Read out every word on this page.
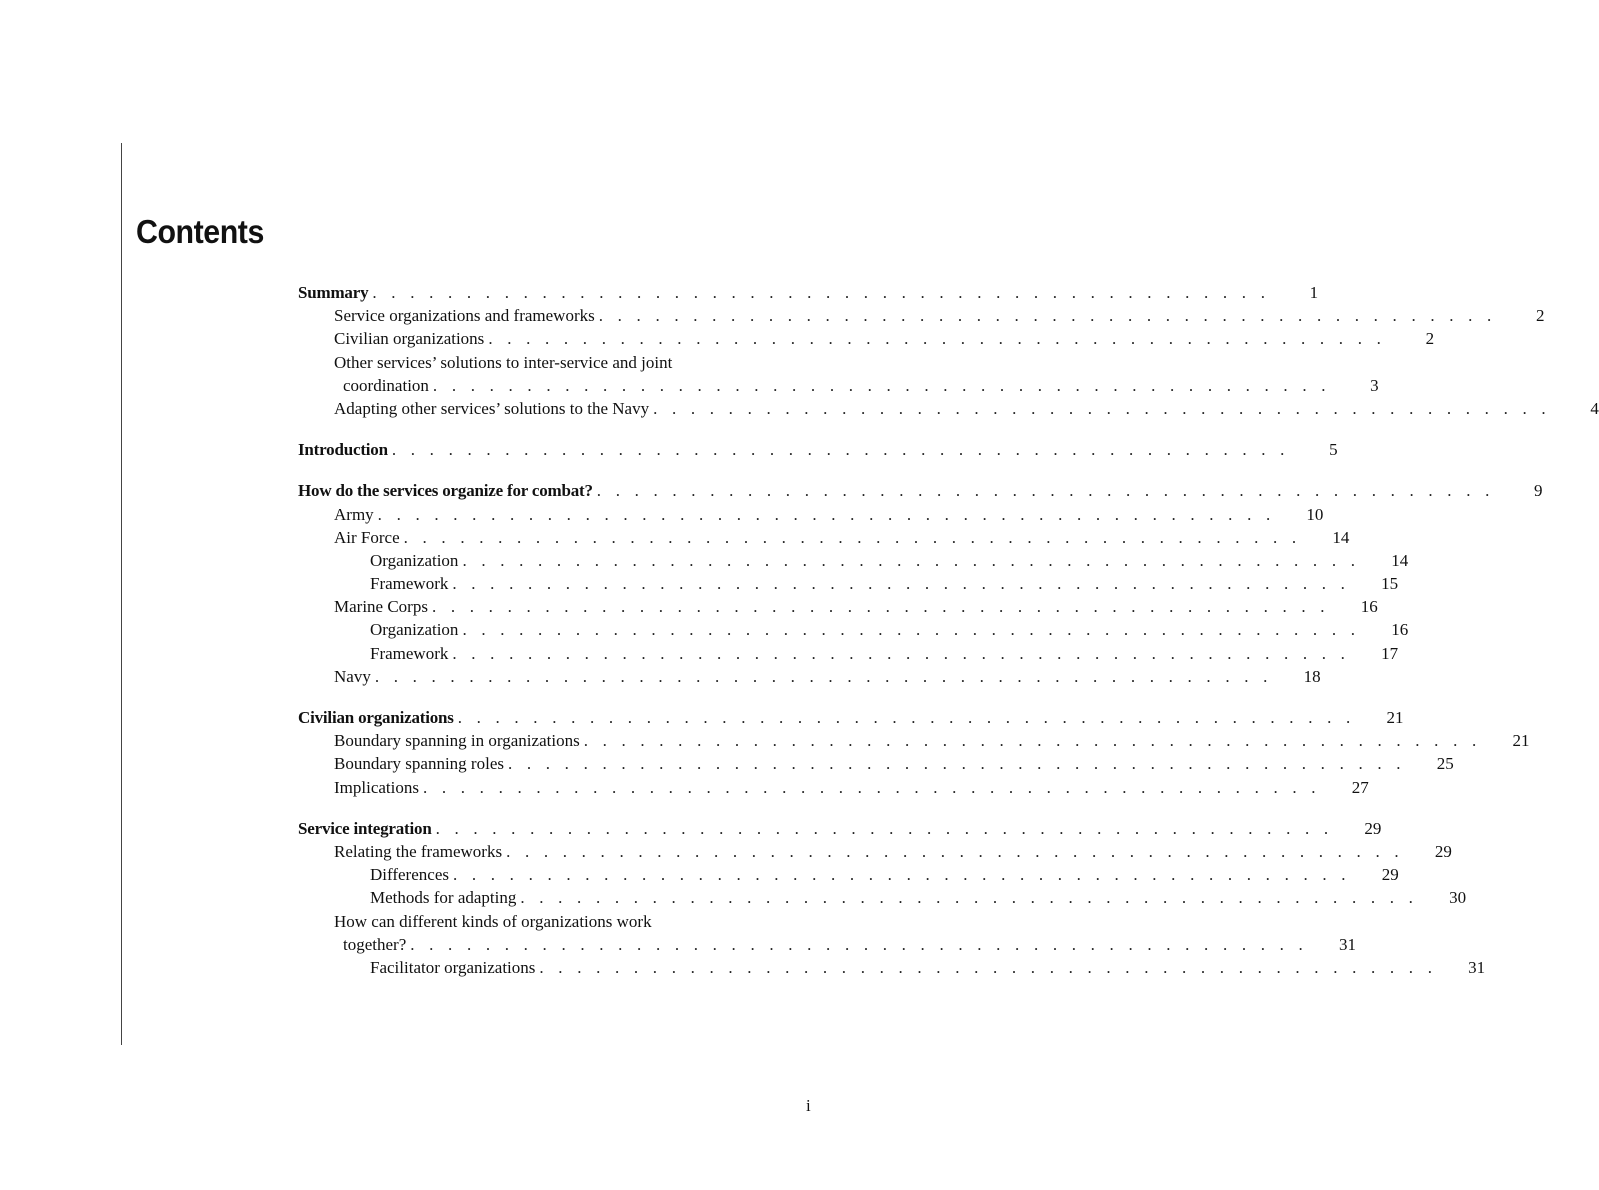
Contents
Summary . . . . . . . . . . . . . . . . . . . . . . . . . . . . . . . . . . . . . . . . . . . . . . . .	1
Service organizations and frameworks . . . . . . . . . . . . . . . . . . . . . . . . . . . . . . . . . . . . . . . . . . . . . . . .	2
Civilian organizations . . . . . . . . . . . . . . . . . . . . . . . . . . . . . . . . . . . . . . . . . . . . . . . .	2
Other services’ solutions to inter-service and joint
coordination . . . . . . . . . . . . . . . . . . . . . . . . . . . . . . . . . . . . . . . . . . . . . . . .	3
Adapting other services’ solutions to the Navy . . . . . . . . . . . . . . . . . . . . . . . . . . . . . . . . . . . . . . . . . . . . . . . .	4
Introduction . . . . . . . . . . . . . . . . . . . . . . . . . . . . . . . . . . . . . . . . . . . . . . . .	5
How do the services organize for combat? . . . . . . . . . . . . . . . . . . . . . . . . . . . . . . . . . . . . . . . . . . . . . . . .	9
Army . . . . . . . . . . . . . . . . . . . . . . . . . . . . . . . . . . . . . . . . . . . . . . . .	10
Air Force . . . . . . . . . . . . . . . . . . . . . . . . . . . . . . . . . . . . . . . . . . . . . . . .	14
Organization . . . . . . . . . . . . . . . . . . . . . . . . . . . . . . . . . . . . . . . . . . . . . . . .	14
Framework . . . . . . . . . . . . . . . . . . . . . . . . . . . . . . . . . . . . . . . . . . . . . . . .	15
Marine Corps . . . . . . . . . . . . . . . . . . . . . . . . . . . . . . . . . . . . . . . . . . . . . . . .	16
Organization . . . . . . . . . . . . . . . . . . . . . . . . . . . . . . . . . . . . . . . . . . . . . . . .	16
Framework . . . . . . . . . . . . . . . . . . . . . . . . . . . . . . . . . . . . . . . . . . . . . . . .	17
Navy . . . . . . . . . . . . . . . . . . . . . . . . . . . . . . . . . . . . . . . . . . . . . . . .	18
Civilian organizations . . . . . . . . . . . . . . . . . . . . . . . . . . . . . . . . . . . . . . . . . . . . . . . .	21
Boundary spanning in organizations . . . . . . . . . . . . . . . . . . . . . . . . . . . . . . . . . . . . . . . . . . . . . . . .	21
Boundary spanning roles . . . . . . . . . . . . . . . . . . . . . . . . . . . . . . . . . . . . . . . . . . . . . . . .	25
Implications . . . . . . . . . . . . . . . . . . . . . . . . . . . . . . . . . . . . . . . . . . . . . . . .	27
Service integration . . . . . . . . . . . . . . . . . . . . . . . . . . . . . . . . . . . . . . . . . . . . . . . .	29
Relating the frameworks . . . . . . . . . . . . . . . . . . . . . . . . . . . . . . . . . . . . . . . . . . . . . . . .	29
Differences . . . . . . . . . . . . . . . . . . . . . . . . . . . . . . . . . . . . . . . . . . . . . . . .	29
Methods for adapting . . . . . . . . . . . . . . . . . . . . . . . . . . . . . . . . . . . . . . . . . . . . . . . .	30
How can different kinds of organizations work
together? . . . . . . . . . . . . . . . . . . . . . . . . . . . . . . . . . . . . . . . . . . . . . . . .	31
Facilitator organizations . . . . . . . . . . . . . . . . . . . . . . . . . . . . . . . . . . . . . . . . . . . . . . . .	31
i
